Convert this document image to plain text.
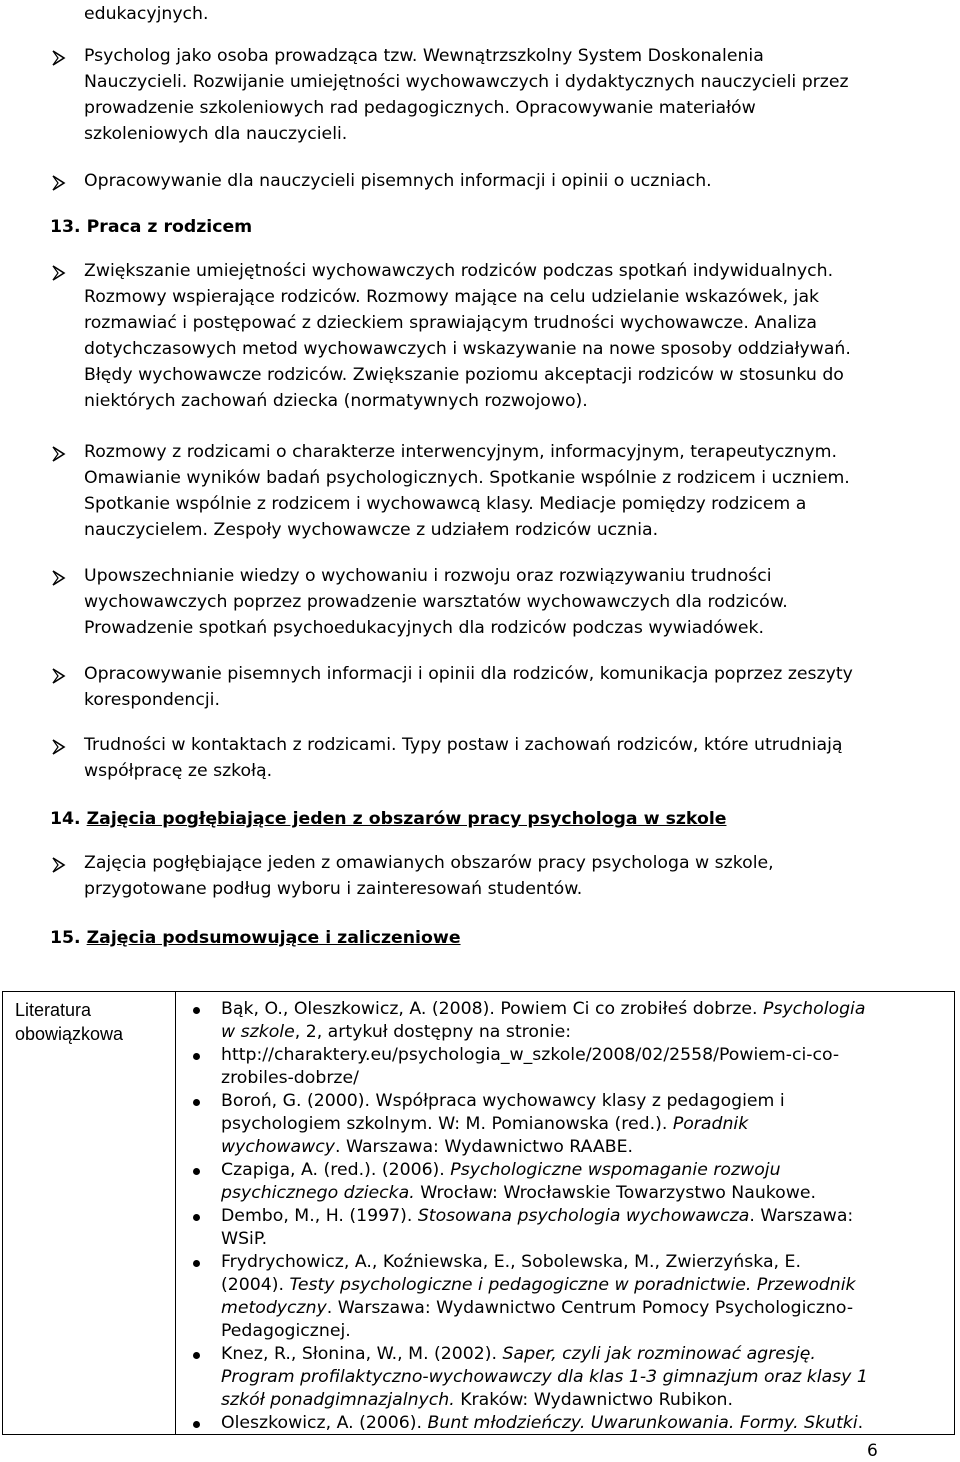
edukacyjnych.

Psycholog jako osoba prowadząca tzw. Wewnątrzszkolny System Doskonalenia
Nauczycieli. Rozwijanie umiejętności wychowawczych i dydaktycznych nauczycieli przez
prowadzenie szkoleniowych rad pedagogicznych. Opracowywanie materiałów
szkoleniowych dla nauczycieli.

Opracowywanie dla nauczycieli pisemnych informacji i opinii o uczniach.

13. Praca z rodzicem

Zwiększanie umiejętności wychowawczych rodziców podczas spotkań indywidualnych.
Rozmowy wspierające rodziców. Rozmowy mające na celu udzielanie wskazówek, jak
rozmawiać i postępować z dzieckiem sprawiającym trudności wychowawcze. Analiza
dotychczasowych metod wychowawczych i wskazywanie na nowe sposoby oddziaływań.
Błędy wychowawcze rodziców. Zwiększanie poziomu akceptacji rodziców w stosunku do
niektórych zachowań dziecka (normatywnych rozwojowo).

Rozmowy z rodzicami o charakterze interwencyjnym, informacyjnym, terapeutycznym.
Omawianie wyników badań psychologicznych. Spotkanie wspólnie z rodzicem i uczniem.
Spotkanie wspólnie z rodzicem i wychowawcą klasy. Mediacje pomiędzy rodzicem a
nauczycielem. Zespoły wychowawcze z udziałem rodziców ucznia.

Upowszechnianie wiedzy o wychowaniu i rozwoju oraz rozwiązywaniu trudności
wychowawczych poprzez prowadzenie warsztatów wychowawczych dla rodziców.
Prowadzenie spotkań psychoedukacyjnych dla rodziców podczas wywiadówek.

Opracowywanie pisemnych informacji i opinii dla rodziców, komunikacja poprzez zeszyty
korespondencji.

Trudności w kontaktach z rodzicami. Typy postaw i zachowań rodziców, które utrudniają
współpracę ze szkołą.

14. Zajęcia pogłębiające jeden z obszarów pracy psychologa w szkole

Zajęcia pogłębiające jeden z omawianych obszarów pracy psychologa w szkole,
przygotowane podług wyboru i zainteresowań studentów.

15. Zajęcia podsumowujące i zaliczeniowe

Literatura
obowiązkowa

Bąk, O., Oleszkowicz, A. (2008). Powiem Ci co zrobiłeś dobrze. Psychologia
w szkole, 2, artykuł dostępny na stronie:
http://charaktery.eu/psychologia_w_szkole/2008/02/2558/Powiem-ci-co-
zrobiles-dobrze/
Boroń, G. (2000). Współpraca wychowawcy klasy z pedagogiem i
psychologiem szkolnym. W: M. Pomianowska (red.). Poradnik
wychowawcy. Warszawa: Wydawnictwo RAABE.
Czapiga, A. (red.). (2006). Psychologiczne wspomaganie rozwoju
psychicznego dziecka. Wrocław: Wrocławskie Towarzystwo Naukowe.
Dembo, M., H. (1997). Stosowana psychologia wychowawcza. Warszawa:
WSiP.
Frydrychowicz, A., Koźniewska, E., Sobolewska, M., Zwierzyńska, E.
(2004). Testy psychologiczne i pedagogiczne w poradnictwie. Przewodnik
metodyczny. Warszawa: Wydawnictwo Centrum Pomocy Psychologiczno-
Pedagogicznej.
Knez, R., Słonina, W., M. (2002). Saper, czyli jak rozminować agresję.
Program profilaktyczno-wychowawczy dla klas 1-3 gimnazjum oraz klasy 1
szkół ponadgimnazjalnych. Kraków: Wydawnictwo Rubikon.
Oleszkowicz, A. (2006). Bunt młodzieńczy. Uwarunkowania. Formy. Skutki.

6
